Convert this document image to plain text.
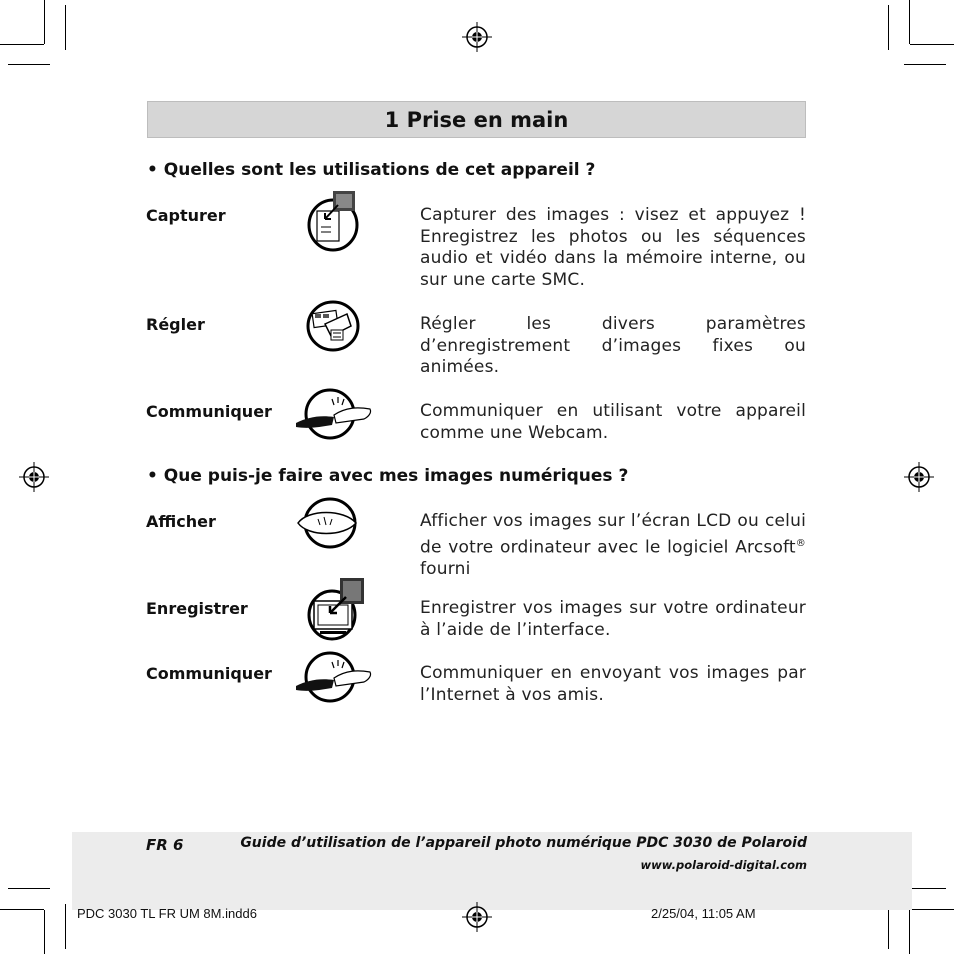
1 Prise en main
• Quelles sont les utilisations de cet appareil ?
Capturer	Capturer des images : visez et appuyez ! Enregistrez les photos ou les séquences audio et vidéo dans la mémoire interne, ou sur une carte SMC.
Régler	Régler les divers paramètres d’enregistrement d’images fixes ou animées.
Communiquer	Communiquer en utilisant votre appareil comme une Webcam.
• Que puis-je faire avec mes images numériques ?
Afficher	Afficher vos images sur l’écran LCD ou celui de votre ordinateur avec le logiciel Arcsoft® fourni
Enregistrer	Enregistrer vos images sur votre ordinateur à l’aide de l’interface.
Communiquer	Communiquer en envoyant vos images par l’Internet à vos amis.
FR 6	Guide d’utilisation de l’appareil photo numérique PDC 3030 de Polaroid
www.polaroid-digital.com
PDC 3030 TL FR UM 8M.indd6	2/25/04, 11:05 AM
